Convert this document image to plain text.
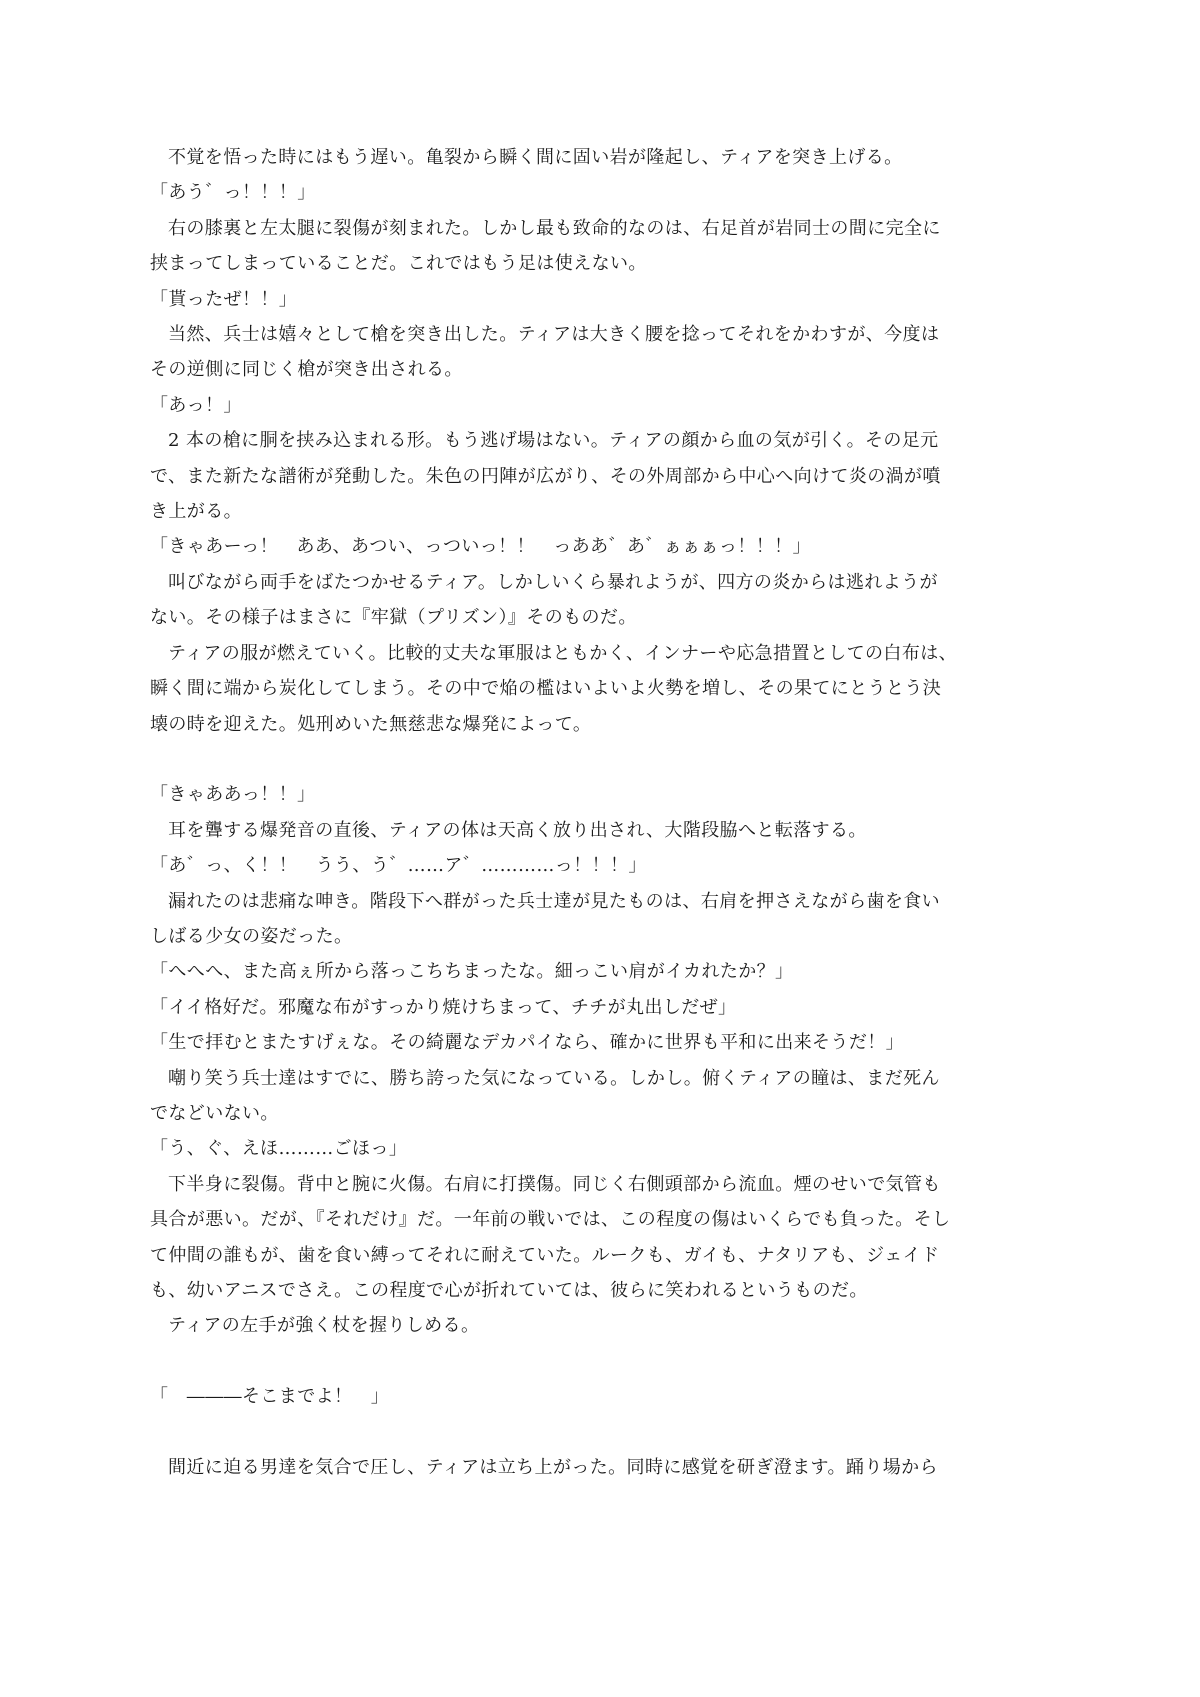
不覚を悟った時にはもう遅い。亀裂から瞬く間に固い岩が隆起し、ティアを突き上げる。

「あう゛っ！！！」

右の膝裏と左太腿に裂傷が刻まれた。しかし最も致命的なのは、右足首が岩同士の間に完全に

挟まってしまっていることだ。これではもう足は使えない。

「貰ったぜ！！」

当然、兵士は嬉々として槍を突き出した。ティアは大きく腰を捻ってそれをかわすが、今度は

その逆側に同じく槍が突き出される。

「あっ！」

2 本の槍に胴を挟み込まれる形。もう逃げ場はない。ティアの顔から血の気が引く。その足元

で、また新たな譜術が発動した。朱色の円陣が広がり、その外周部から中心へ向けて炎の渦が噴

き上がる。

「きゃあーっ！　ああ、あつい、っついっ！！　っああ゛あ゛ぁぁぁっ！！！」

叫びながら両手をばたつかせるティア。しかしいくら暴れようが、四方の炎からは逃れようが

ない。その様子はまさに『牢獄（プリズン）』そのものだ。

ティアの服が燃えていく。比較的丈夫な軍服はともかく、インナーや応急措置としての白布は、

瞬く間に端から炭化してしまう。その中で焔の檻はいよいよ火勢を増し、その果てにとうとう決

壊の時を迎えた。処刑めいた無慈悲な爆発によって。

「きゃああっ！！」

耳を聾する爆発音の直後、ティアの体は天高く放り出され、大階段脇へと転落する。

「あ゛っ、く！！　うう、う゛……ア゛…………っ！！！」

漏れたのは悲痛な呻き。階段下へ群がった兵士達が見たものは、右肩を押さえながら歯を食い

しばる少女の姿だった。

「へへへ、また高ぇ所から落っこちちまったな。細っこい肩がイカれたか？」

「イイ格好だ。邪魔な布がすっかり焼けちまって、チチが丸出しだぜ」

「生で拝むとまたすげぇな。その綺麗なデカパイなら、確かに世界も平和に出来そうだ！」

嘲り笑う兵士達はすでに、勝ち誇った気になっている。しかし。俯くティアの瞳は、まだ死ん

でなどいない。

「う、ぐ、えほ………ごほっ」

下半身に裂傷。背中と腕に火傷。右肩に打撲傷。同じく右側頭部から流血。煙のせいで気管も

具合が悪い。だが、『それだけ』だ。一年前の戦いでは、この程度の傷はいくらでも負った。そし

て仲間の誰もが、歯を食い縛ってそれに耐えていた。ルークも、ガイも、ナタリアも、ジェイド

も、幼いアニスでさえ。この程度で心が折れていては、彼らに笑われるというものだ。

ティアの左手が強く杖を握りしめる。

「　―――そこまでよ！　」

間近に迫る男達を気合で圧し、ティアは立ち上がった。同時に感覚を研ぎ澄ます。踊り場から
